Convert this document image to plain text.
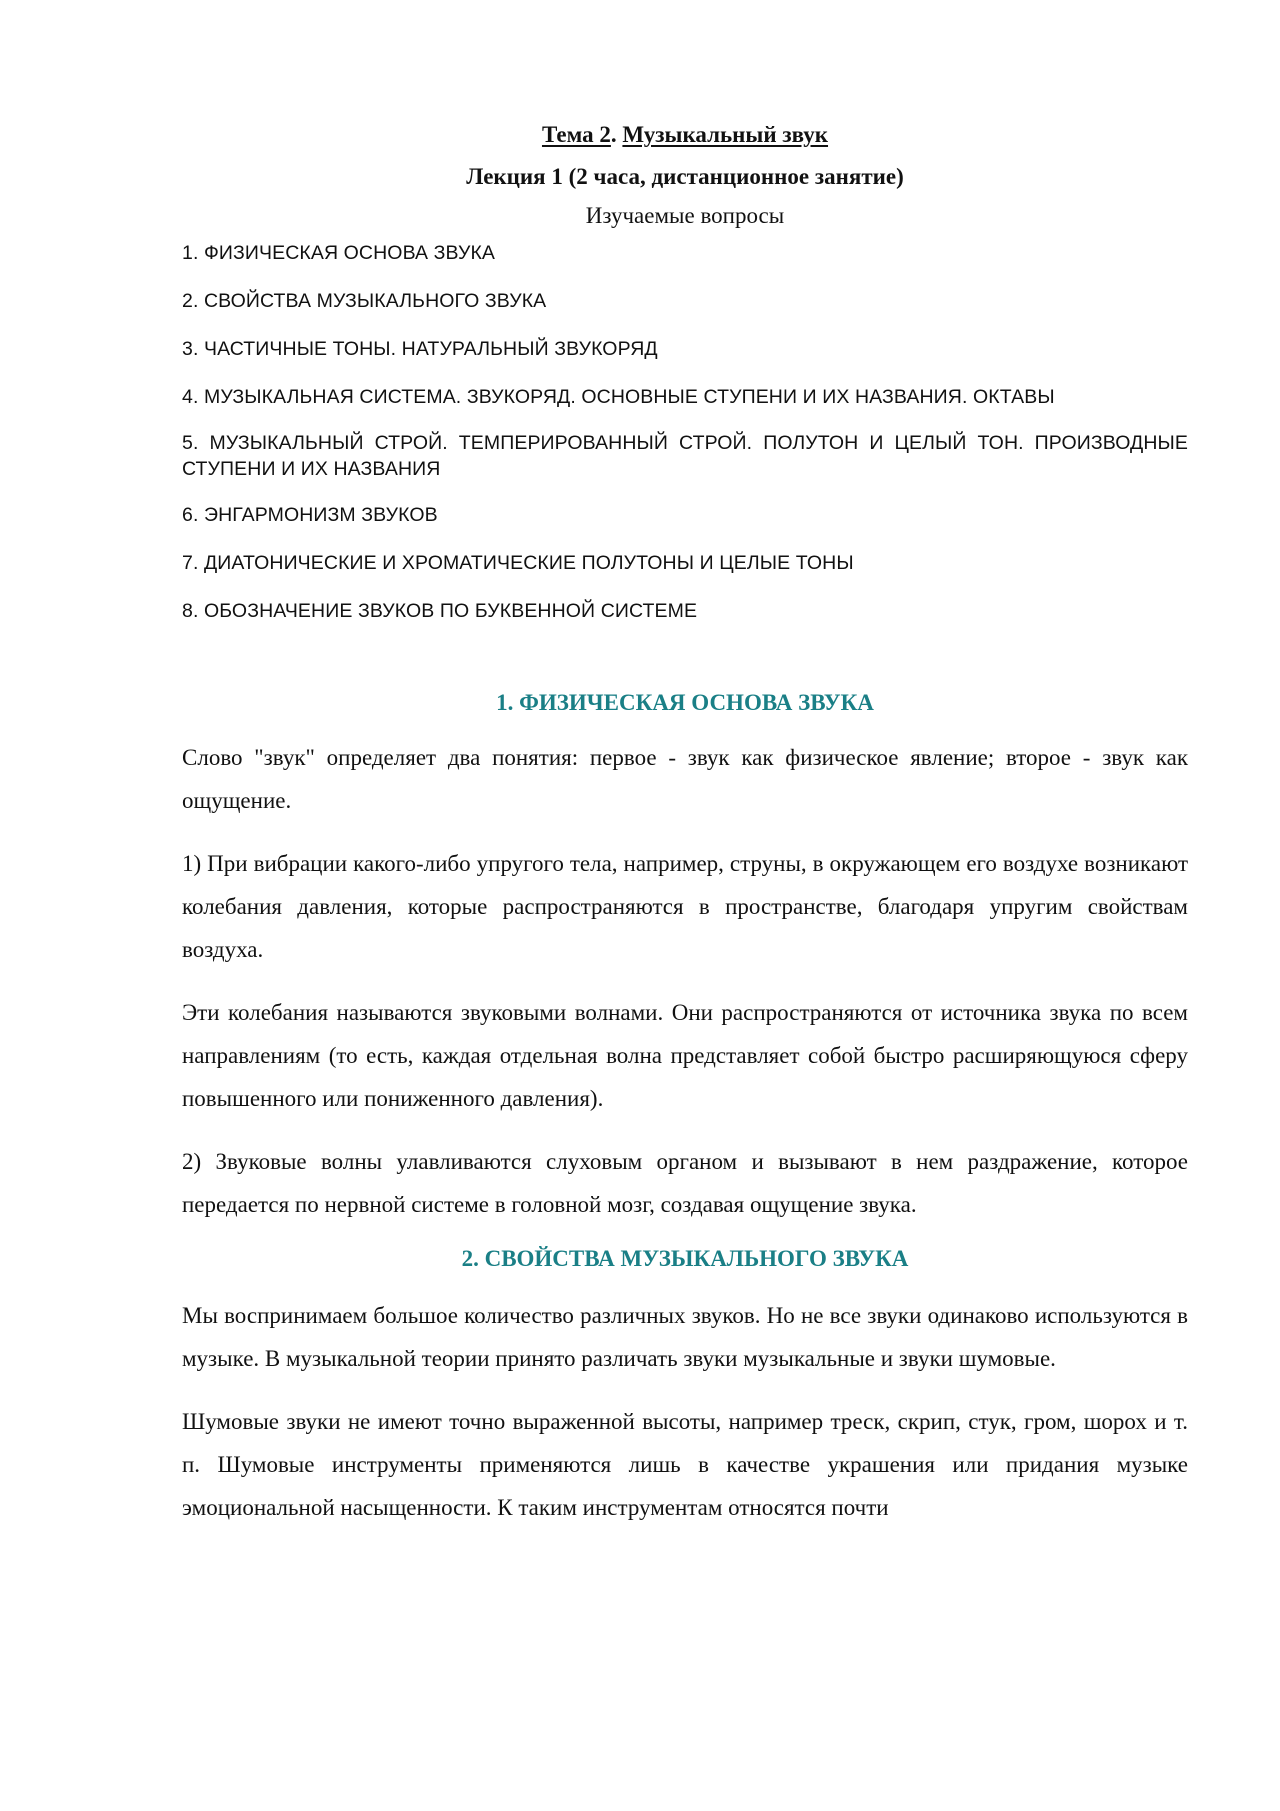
Тема 2. Музыкальный звук

Лекция 1 (2 часа, дистанционное занятие)

Изучаемые вопросы

1. ФИЗИЧЕСКАЯ ОСНОВА ЗВУКА
2. СВОЙСТВА МУЗЫКАЛЬНОГО ЗВУКА
3. ЧАСТИЧНЫЕ ТОНЫ. НАТУРАЛЬНЫЙ ЗВУКОРЯД
4. МУЗЫКАЛЬНАЯ СИСТЕМА. ЗВУКОРЯД. ОСНОВНЫЕ СТУПЕНИ И ИХ НАЗВАНИЯ. ОКТАВЫ
5. МУЗЫКАЛЬНЫЙ СТРОЙ. ТЕМПЕРИРОВАННЫЙ СТРОЙ. ПОЛУТОН И ЦЕЛЫЙ ТОН. ПРОИЗВОДНЫЕ СТУПЕНИ И ИХ НАЗВАНИЯ
6. ЭНГАРМОНИЗМ ЗВУКОВ
7. ДИАТОНИЧЕСКИЕ И ХРОМАТИЧЕСКИЕ ПОЛУТОНЫ И ЦЕЛЫЕ ТОНЫ
8. ОБОЗНАЧЕНИЕ ЗВУКОВ ПО БУКВЕННОЙ СИСТЕМЕ
1. ФИЗИЧЕСКАЯ ОСНОВА ЗВУКА

Слово "звук" определяет два понятия: первое - звук как физическое явление; второе - звук как ощущение.

1) При вибрации какого-либо упругого тела, например, струны, в окружающем его воздухе возникают колебания давления, которые распространяются в пространстве, благодаря упругим свойствам воздуха.

Эти колебания называются звуковыми волнами. Они распространяются от источника звука по всем направлениям (то есть, каждая отдельная волна представляет собой быстро расширяющуюся сферу повышенного или пониженного давления).

2) Звуковые волны улавливаются слуховым органом и вызывают в нем раздражение, которое передается по нервной системе в головной мозг, создавая ощущение звука.

2. СВОЙСТВА МУЗЫКАЛЬНОГО ЗВУКА

Мы воспринимаем большое количество различных звуков. Но не все звуки одинаково используются в музыке. В музыкальной теории принято различать звуки музыкальные и звуки шумовые.

Шумовые звуки не имеют точно выраженной высоты, например треск, скрип, стук, гром, шорох и т. п. Шумовые инструменты применяются лишь в качестве украшения или придания музыке эмоциональной насыщенности. К таким инструментам относятся почти
